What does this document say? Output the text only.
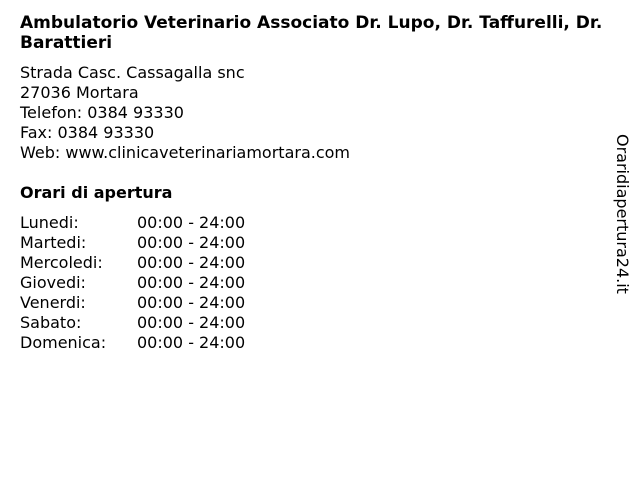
Ambulatorio Veterinario Associato Dr. Lupo, Dr. Taffurelli, Dr. Barattieri
Strada Casc. Cassagalla snc
27036 Mortara
Telefon: 0384 93330
Fax: 0384 93330
Web: www.clinicaveterinariamortara.com
Orari di apertura
Lunedi:	00:00 - 24:00
Martedi:	00:00 - 24:00
Mercoledi: 00:00 - 24:00
Giovedi:	00:00 - 24:00
Venerdi:	00:00 - 24:00
Sabato:	00:00 - 24:00
Domenica: 00:00 - 24:00
Oraridiapertura24.it
